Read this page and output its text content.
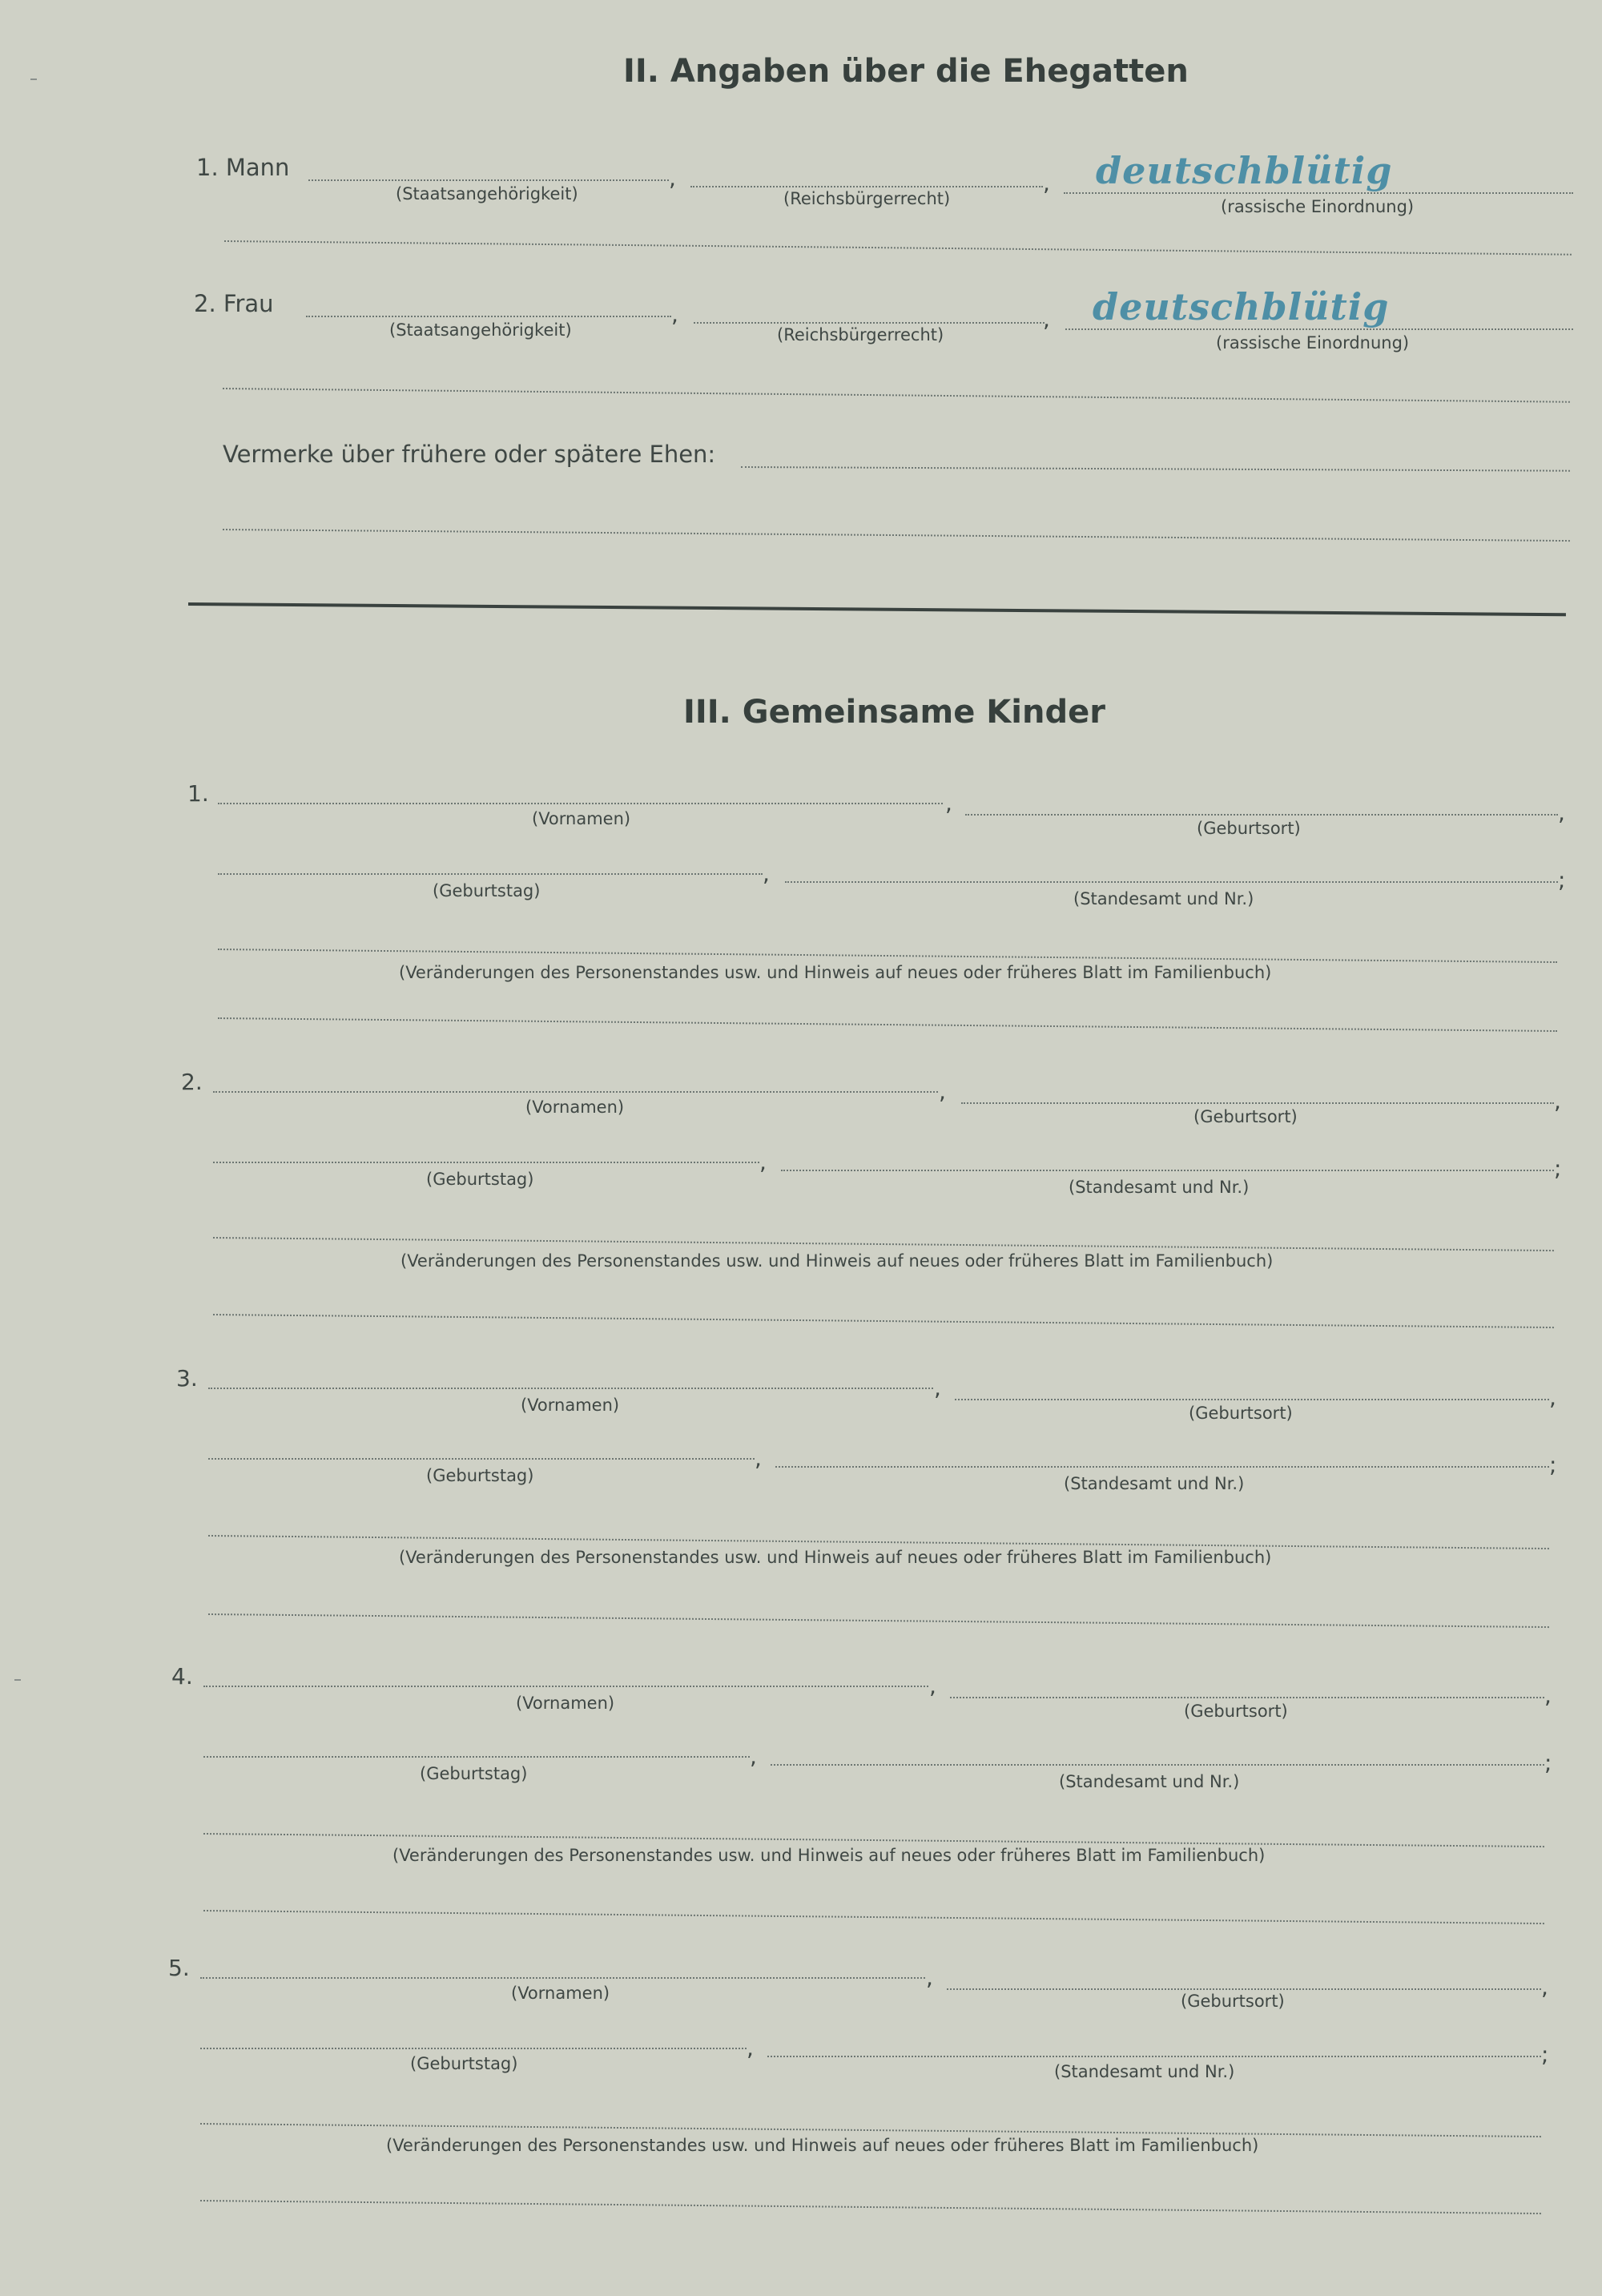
II. Angaben über die Ehegatten
1. Mann	,
(Staatsangehörigkeit)	,
(Reichsbürgerrecht)
deutschblütig
(rassische Einordnung)
2. Frau	,
(Staatsangehörigkeit)	,
(Reichsbürgerrecht)
deutschblütig
(rassische Einordnung)
Vermerke über frühere oder spätere Ehen:
III. Gemeinsame Kinder
1.	,
(Vornamen)	,
(Geburtsort)
,
(Geburtstag)	;
(Standesamt und Nr.)
(Veränderungen des Personenstandes usw. und Hinweis auf neues oder früheres Blatt im Familienbuch)
2.	,
(Vornamen)	,
(Geburtsort)
,
(Geburtstag)	;
(Standesamt und Nr.)
(Veränderungen des Personenstandes usw. und Hinweis auf neues oder früheres Blatt im Familienbuch)
3.	,
(Vornamen)	,
(Geburtsort)
,
(Geburtstag)	;
(Standesamt und Nr.)
(Veränderungen des Personenstandes usw. und Hinweis auf neues oder früheres Blatt im Familienbuch)
4.	,
(Vornamen)	,
(Geburtsort)
,
(Geburtstag)	;
(Standesamt und Nr.)
(Veränderungen des Personenstandes usw. und Hinweis auf neues oder früheres Blatt im Familienbuch)
5.	,
(Vornamen)	,
(Geburtsort)
,
(Geburtstag)	;
(Standesamt und Nr.)
(Veränderungen des Personenstandes usw. und Hinweis auf neues oder früheres Blatt im Familienbuch)
